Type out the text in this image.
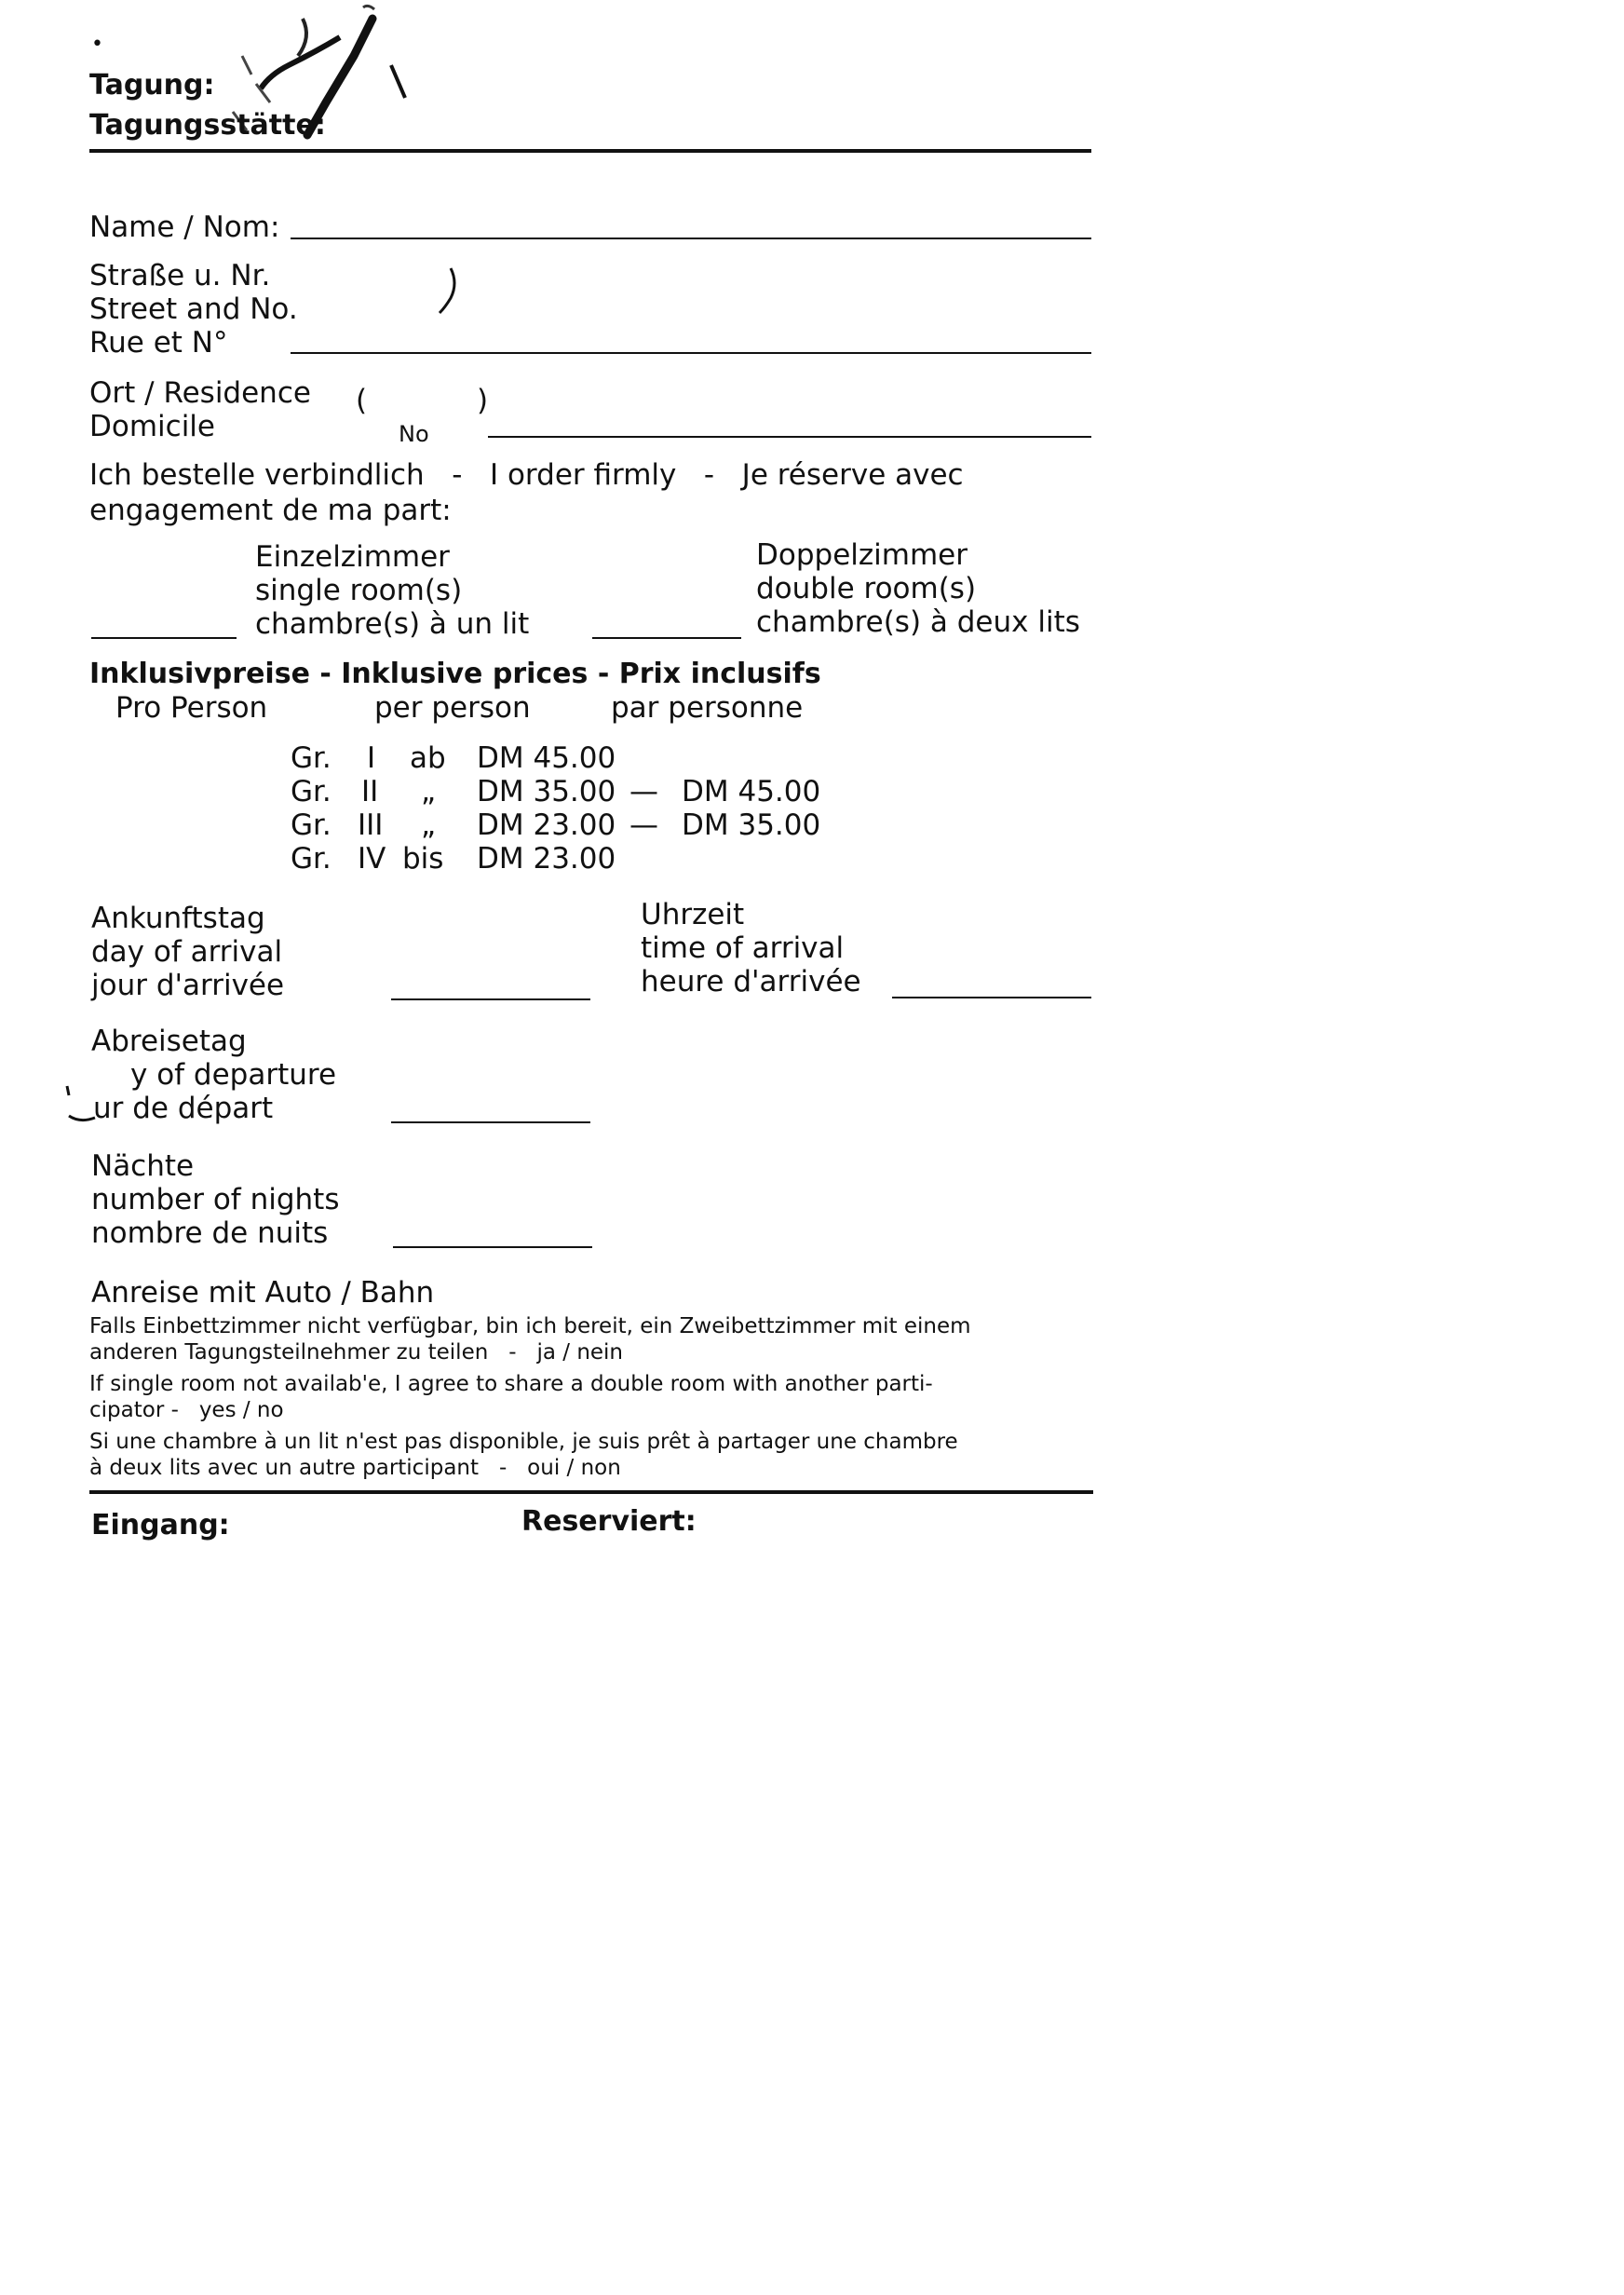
•
Tagung:
Tagungsstätte:
Name / Nom:
Straße u. Nr.
Street and No.
Rue et N°
Ort / Residence
Domicile
(	)
No
Ich bestelle verbindlich   -   I order firmly   -   Je réserve avec
engagement de ma part:
Einzelzimmer
single room(s)
chambre(s) à un lit
Doppelzimmer
double room(s)
chambre(s) à deux lits
Inklusivpreise - Inklusive prices - Prix inclusifs
Pro Person	per person	par personne
Gr. I ab DM 45.00
Gr. II „ DM 35.00 — DM 45.00
Gr. III „ DM 23.00 — DM 35.00
Gr. IV bis DM 23.00
Ankunftstag
day of arrival
jour d'arrivée
Uhrzeit
time of arrival
heure d'arrivée
Abreisetag
y of departure
ur de départ
Nächte
number of nights
nombre de nuits
Anreise mit Auto / Bahn
Falls Einbettzimmer nicht verfügbar, bin ich bereit, ein Zweibettzimmer mit einem
anderen Tagungsteilnehmer zu teilen   -   ja / nein
If single room not availab'e, I agree to share a double room with another parti-
cipator -   yes / no
Si une chambre à un lit n'est pas disponible, je suis prêt à partager une chambre
à deux lits avec un autre participant   -   oui / non
Eingang:	Reserviert:
